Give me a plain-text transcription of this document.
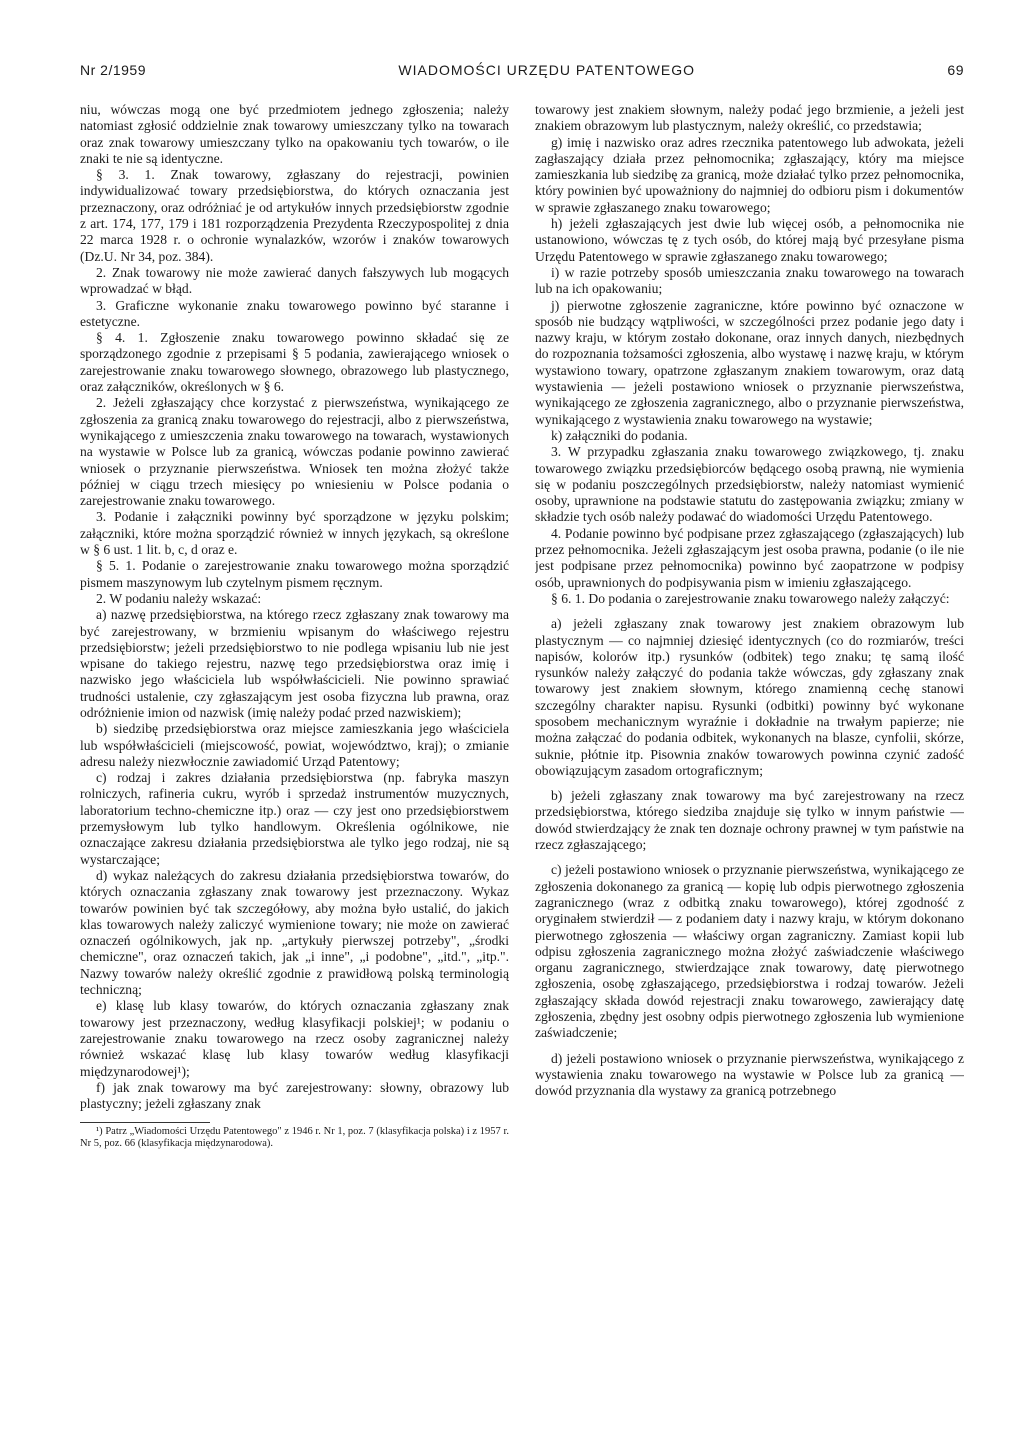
Nr 2/1959	WIADOMOŚCI URZĘDU PATENTOWEGO	69

niu, wówczas mogą one być przedmiotem jednego zgłoszenia; należy natomiast zgłosić oddzielnie znak towarowy umieszczany tylko na towarach oraz znak towarowy umieszczany tylko na opakowaniu tych towarów, o ile znaki te nie są identyczne.

§ 3. 1. Znak towarowy, zgłaszany do rejestracji, powinien indywidualizować towary przedsiębiorstwa, do których oznaczania jest przeznaczony, oraz odróżniać je od artykułów innych przedsiębiorstw zgodnie z art. 174, 177, 179 i 181 rozporządzenia Prezydenta Rzeczypospolitej z dnia 22 marca 1928 r. o ochronie wynalazków, wzorów i znaków towarowych (Dz.U. Nr 34, poz. 384).

2. Znak towarowy nie może zawierać danych fałszywych lub mogących wprowadzać w błąd.

3. Graficzne wykonanie znaku towarowego powinno być staranne i estetyczne.

§ 4. 1. Zgłoszenie znaku towarowego powinno składać się ze sporządzonego zgodnie z przepisami § 5 podania, zawierającego wniosek o zarejestrowanie znaku towarowego słownego, obrazowego lub plastycznego, oraz załączników, określonych w § 6.

2. Jeżeli zgłaszający chce korzystać z pierwszeństwa, wynikającego ze zgłoszenia za granicą znaku towarowego do rejestracji, albo z pierwszeństwa, wynikającego z umieszczenia znaku towarowego na towarach, wystawionych na wystawie w Polsce lub za granicą, wówczas podanie powinno zawierać wniosek o przyznanie pierwszeństwa. Wniosek ten można złożyć także później w ciągu trzech miesięcy po wniesieniu w Polsce podania o zarejestrowanie znaku towarowego.

3. Podanie i załączniki powinny być sporządzone w języku polskim; załączniki, które można sporządzić również w innych językach, są określone w § 6 ust. 1 lit. b, c, d oraz e.

§ 5. 1. Podanie o zarejestrowanie znaku towarowego można sporządzić pismem maszynowym lub czytelnym pismem ręcznym.

2. W podaniu należy wskazać:

a) nazwę przedsiębiorstwa, na którego rzecz zgłaszany znak towarowy ma być zarejestrowany, w brzmieniu wpisanym do właściwego rejestru przedsiębiorstw; jeżeli przedsiębiorstwo to nie podlega wpisaniu lub nie jest wpisane do takiego rejestru, nazwę tego przedsiębiorstwa oraz imię i nazwisko jego właściciela lub współwłaścicieli. Nie powinno sprawiać trudności ustalenie, czy zgłaszającym jest osoba fizyczna lub prawna, oraz odróżnienie imion od nazwisk (imię należy podać przed nazwiskiem);

b) siedzibę przedsiębiorstwa oraz miejsce zamieszkania jego właściciela lub współwłaścicieli (miejscowość, powiat, województwo, kraj); o zmianie adresu należy niezwłocznie zawiadomić Urząd Patentowy;

c) rodzaj i zakres działania przedsiębiorstwa (np. fabryka maszyn rolniczych, rafineria cukru, wyrób i sprzedaż instrumentów muzycznych, laboratorium techno-chemiczne itp.) oraz — czy jest ono przedsiębiorstwem przemysłowym lub tylko handlowym. Określenia ogólnikowe, nie oznaczające zakresu działania przedsiębiorstwa ale tylko jego rodzaj, nie są wystarczające;

d) wykaz należących do zakresu działania przedsiębiorstwa towarów, do których oznaczania zgłaszany znak towarowy jest przeznaczony. Wykaz towarów powinien być tak szczegółowy, aby można było ustalić, do jakich klas towarowych należy zaliczyć wymienione towary; nie może on zawierać oznaczeń ogólnikowych, jak np. „artykuły pierwszej potrzeby", „środki chemiczne", oraz oznaczeń takich, jak „i inne", „i podobne", „itd.", „itp.". Nazwy towarów należy określić zgodnie z prawidłową polską terminologią techniczną;

e) klasę lub klasy towarów, do których oznaczania zgłaszany znak towarowy jest przeznaczony, według klasyfikacji polskiej¹; w podaniu o zarejestrowanie znaku towarowego na rzecz osoby zagranicznej należy również wskazać klasę lub klasy towarów według klasyfikacji międzynarodowej¹);

f) jak znak towarowy ma być zarejestrowany: słowny, obrazowy lub plastyczny; jeżeli zgłaszany znak

¹) Patrz „Wiadomości Urzędu Patentowego" z 1946 r. Nr 1, poz. 7 (klasyfikacja polska) i z 1957 r. Nr 5, poz. 66 (klasyfikacja międzynarodowa).

towarowy jest znakiem słownym, należy podać jego brzmienie, a jeżeli jest znakiem obrazowym lub plastycznym, należy określić, co przedstawia;

g) imię i nazwisko oraz adres rzecznika patentowego lub adwokata, jeżeli zagłaszający działa przez pełnomocnika; zgłaszający, który ma miejsce zamieszkania lub siedzibę za granicą, może działać tylko przez pełnomocnika, który powinien być upoważniony do najmniej do odbioru pism i dokumentów w sprawie zgłaszanego znaku towarowego;

h) jeżeli zgłaszających jest dwie lub więcej osób, a pełnomocnika nie ustanowiono, wówczas tę z tych osób, do której mają być przesyłane pisma Urzędu Patentowego w sprawie zgłaszanego znaku towarowego;

i) w razie potrzeby sposób umieszczania znaku towarowego na towarach lub na ich opakowaniu;

j) pierwotne zgłoszenie zagraniczne, które powinno być oznaczone w sposób nie budzący wątpliwości, w szczególności przez podanie jego daty i nazwy kraju, w którym zostało dokonane, oraz innych danych, niezbędnych do rozpoznania tożsamości zgłoszenia, albo wystawę i nazwę kraju, w którym wystawiono towary, opatrzone zgłaszanym znakiem towarowym, oraz datą wystawienia — jeżeli postawiono wniosek o przyznanie pierwszeństwa, wynikającego ze zgłoszenia zagranicznego, albo o przyznanie pierwszeństwa, wynikającego z wystawienia znaku towarowego na wystawie;

k) załączniki do podania.

3. W przypadku zgłaszania znaku towarowego związkowego, tj. znaku towarowego związku przedsiębiorców będącego osobą prawną, nie wymienia się w podaniu poszczególnych przedsiębiorstw, należy natomiast wymienić osoby, uprawnione na podstawie statutu do zastępowania związku; zmiany w składzie tych osób należy podawać do wiadomości Urzędu Patentowego.

4. Podanie powinno być podpisane przez zgłaszającego (zgłaszających) lub przez pełnomocnika. Jeżeli zgłaszającym jest osoba prawna, podanie (o ile nie jest podpisane przez pełnomocnika) powinno być zaopatrzone w podpisy osób, uprawnionych do podpisywania pism w imieniu zgłaszającego.

§ 6. 1. Do podania o zarejestrowanie znaku towarowego należy załączyć:

a) jeżeli zgłaszany znak towarowy jest znakiem obrazowym lub plastycznym — co najmniej dziesięć identycznych (co do rozmiarów, treści napisów, kolorów itp.) rysunków (odbitek) tego znaku; tę samą ilość rysunków należy załączyć do podania także wówczas, gdy zgłaszany znak towarowy jest znakiem słownym, którego znamienną cechę stanowi szczególny charakter napisu. Rysunki (odbitki) powinny być wykonane sposobem mechanicznym wyraźnie i dokładnie na trwałym papierze; nie można załączać do podania odbitek, wykonanych na blasze, cynfolii, skórze, suknie, płótnie itp. Pisownia znaków towarowych powinna czynić zadość obowiązującym zasadom ortograficznym;

b) jeżeli zgłaszany znak towarowy ma być zarejestrowany na rzecz przedsiębiorstwa, którego siedziba znajduje się tylko w innym państwie — dowód stwierdzający że znak ten doznaje ochrony prawnej w tym państwie na rzecz zgłaszającego;

c) jeżeli postawiono wniosek o przyznanie pierwszeństwa, wynikającego ze zgłoszenia dokonanego za granicą — kopię lub odpis pierwotnego zgłoszenia zagranicznego (wraz z odbitką znaku towarowego), której zgodność z oryginałem stwierdził — z podaniem daty i nazwy kraju, w którym dokonano pierwotnego zgłoszenia — właściwy organ zagraniczny. Zamiast kopii lub odpisu zgłoszenia zagranicznego można złożyć zaświadczenie właściwego organu zagranicznego, stwierdzające znak towarowy, datę pierwotnego zgłoszenia, osobę zgłaszającego, przedsiębiorstwa i rodzaj towarów. Jeżeli zgłaszający składa dowód rejestracji znaku towarowego, zawierający datę zgłoszenia, zbędny jest osobny odpis pierwotnego zgłoszenia lub wymienione zaświadczenie;

d) jeżeli postawiono wniosek o przyznanie pierwszeństwa, wynikającego z wystawienia znaku towarowego na wystawie w Polsce lub za granicą — dowód przyznania dla wystawy za granicą potrzebnego
